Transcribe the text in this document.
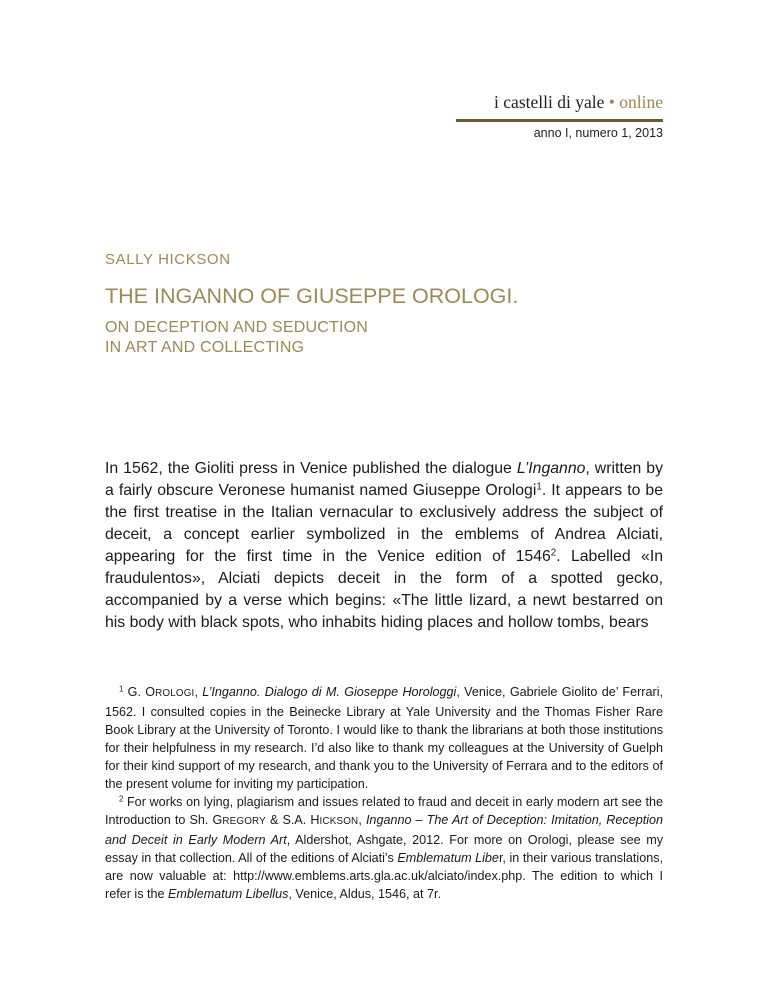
i castelli di yale • online
anno I, numero 1, 2013
SALLY HICKSON
THE INGANNO OF GIUSEPPE OROLOGI.
ON DECEPTION AND SEDUCTION
IN ART AND COLLECTING

In 1562, the Gioliti press in Venice published the dialogue L’Inganno, written by a fairly obscure Veronese humanist named Giuseppe Orologi$^1$. It appears to be the first treatise in the Italian vernacular to exclusively address the subject of deceit, a concept earlier symbolized in the emblems of Andrea Alciati, appearing for the first time in the Venice edition of 1546$^2$. Labelled «In fraudulentos», Alciati depicts deceit in the form of a spotted gecko, accompanied by a verse which begins: «The little lizard, a newt bestarred on his body with black spots, who inhabits hiding places and hollow tombs, bears

$^1$ G. OROLOGI, L’Inganno. Dialogo di M. Gioseppe Horologgi, Venice, Gabriele Giolito de’ Ferrari, 1562. I consulted copies in the Beinecke Library at Yale University and the Thomas Fisher Rare Book Library at the University of Toronto. I would like to thank the librarians at both those institutions for their helpfulness in my research. I’d also like to thank my colleagues at the University of Guelph for their kind support of my research, and thank you to the University of Ferrara and to the editors of the present volume for inviting my participation.

$^2$ For works on lying, plagiarism and issues related to fraud and deceit in early modern art see the Introduction to Sh. GREGORY & S.A. HICKSON, Inganno – The Art of Deception: Imitation, Reception and Deceit in Early Modern Art, Aldershot, Ashgate, 2012. For more on Orologi, please see my essay in that collection. All of the editions of Alciati’s Emblematum Liber, in their various translations, are now valuable at: http://www.emblems.arts.gla.ac.uk/alciato/index.php. The edition to which I refer is the Emblematum Libellus, Venice, Aldus, 1546, at 7r.
